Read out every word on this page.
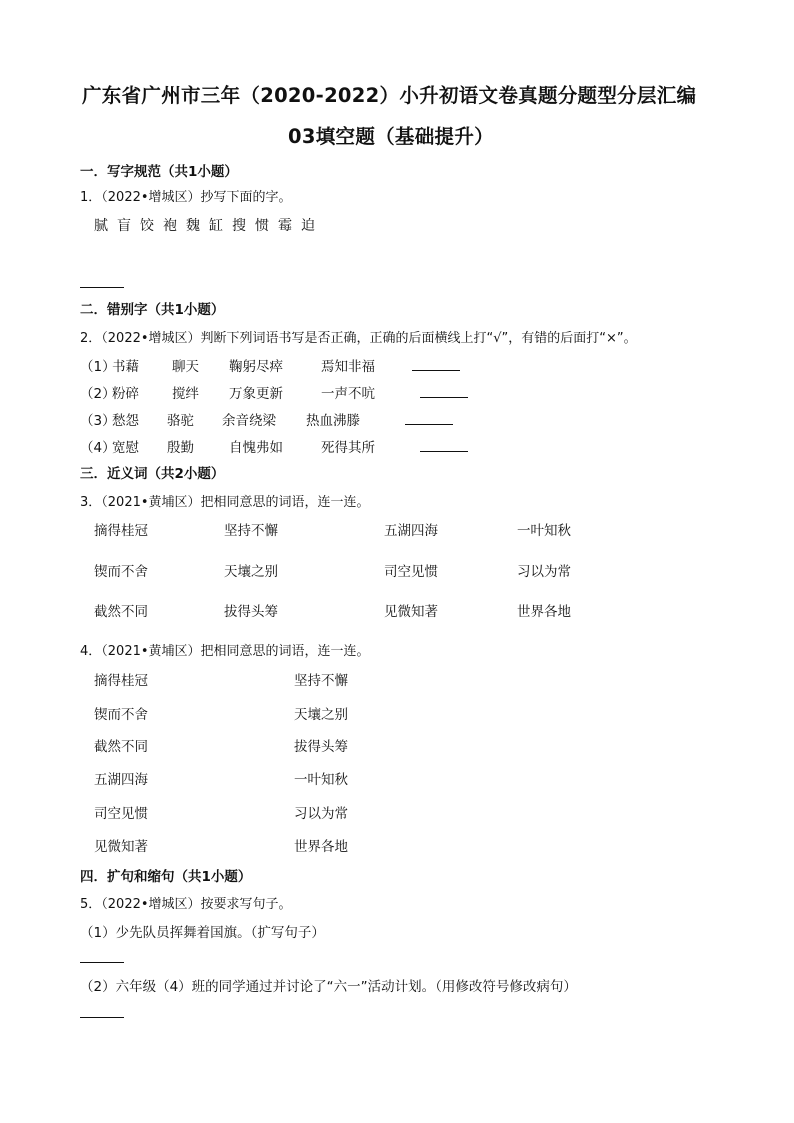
广东省广州市三年（2020-2022）小升初语文卷真题分题型分层汇编
03填空题（基础提升）
一．写字规范（共1小题）
1．（2022•增城区）抄写下面的字。
腻盲饺袍魏缸搜惯霉迫
二．错别字（共1小题）
2．（2022•增城区）判断下列词语书写是否正确，正确的后面横线上打“√”，有错的后面打“×”。
（1）
书藉 聊天 鞠躬尽瘁	焉知非福
（2）
粉碎 搅绊 万象更新	一声不吭
（3）
愁怨 骆驼 余音绕梁 热血沸滕
（4）
宽慰 殷勤	自愧弗如	死得其所
三．近义词（共2小题）
3．（2021•黄埔区）把相同意思的词语，连一连。
摘得桂冠	坚持不懈	五湖四海	一叶知秋
锲而不舍	天壤之别	司空见惯	习以为常
截然不同	拔得头筹	见微知著	世界各地
4．（2021•黄埔区）把相同意思的词语，连一连。
摘得桂冠	坚持不懈
锲而不舍	天壤之别
截然不同	拔得头筹
五湖四海	一叶知秋
司空见惯	习以为常
见微知著	世界各地
四．扩句和缩句（共1小题）
5．（2022•增城区）按要求写句子。
（1）少先队员挥舞着国旗。（扩写句子）
（2）六年级（4）班的同学通过并讨论了“六一”活动计划。（用修改符号修改病句）
